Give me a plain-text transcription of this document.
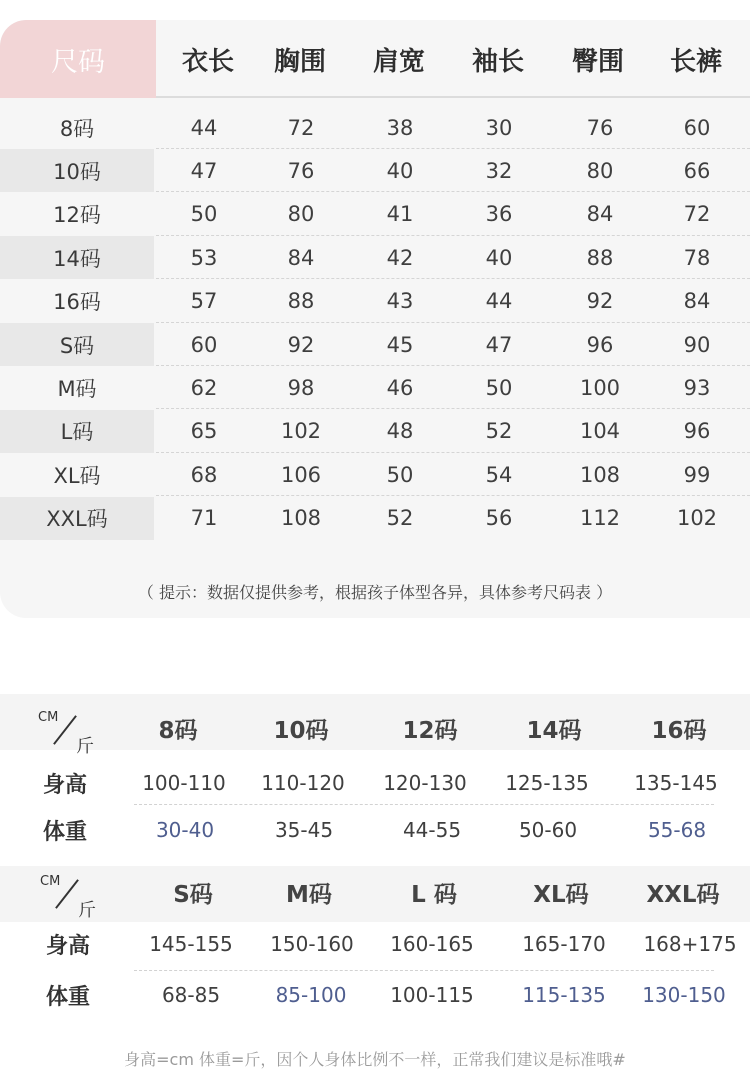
尺码	衣长	胸围	肩宽	袖长	臀围	长裤
8码	44	72	38	30	76	60
10码	47	76	40	32	80	66
12码	50	80	41	36	84	72
14码	53	84	42	40	88	78
16码	57	88	43	44	92	84
S码	60	92	45	47	96	90
M码	62	98	46	50	100	93
L码	65	102	48	52	104	96
XL码	68	106	50	54	108	99
XXL码	71	108	52	56	112	102
（ 提示：数据仅提供参考，根据孩子体型各异，具体参考尺码表 ）
CM
斤
8码	10码	12码	14码	16码
身高	100-110	110-120	120-130	125-135	135-145
体重	30-40	35-45	44-55	50-60	55-68
CM
斤
S码	M码	L 码	XL码	XXL码
身高	145-155	150-160	160-165	165-170	168+175
体重	68-85	85-100	100-115	115-135	130-150
身高=cm 体重=斤，因个人身体比例不一样，正常我们建议是标准哦#
